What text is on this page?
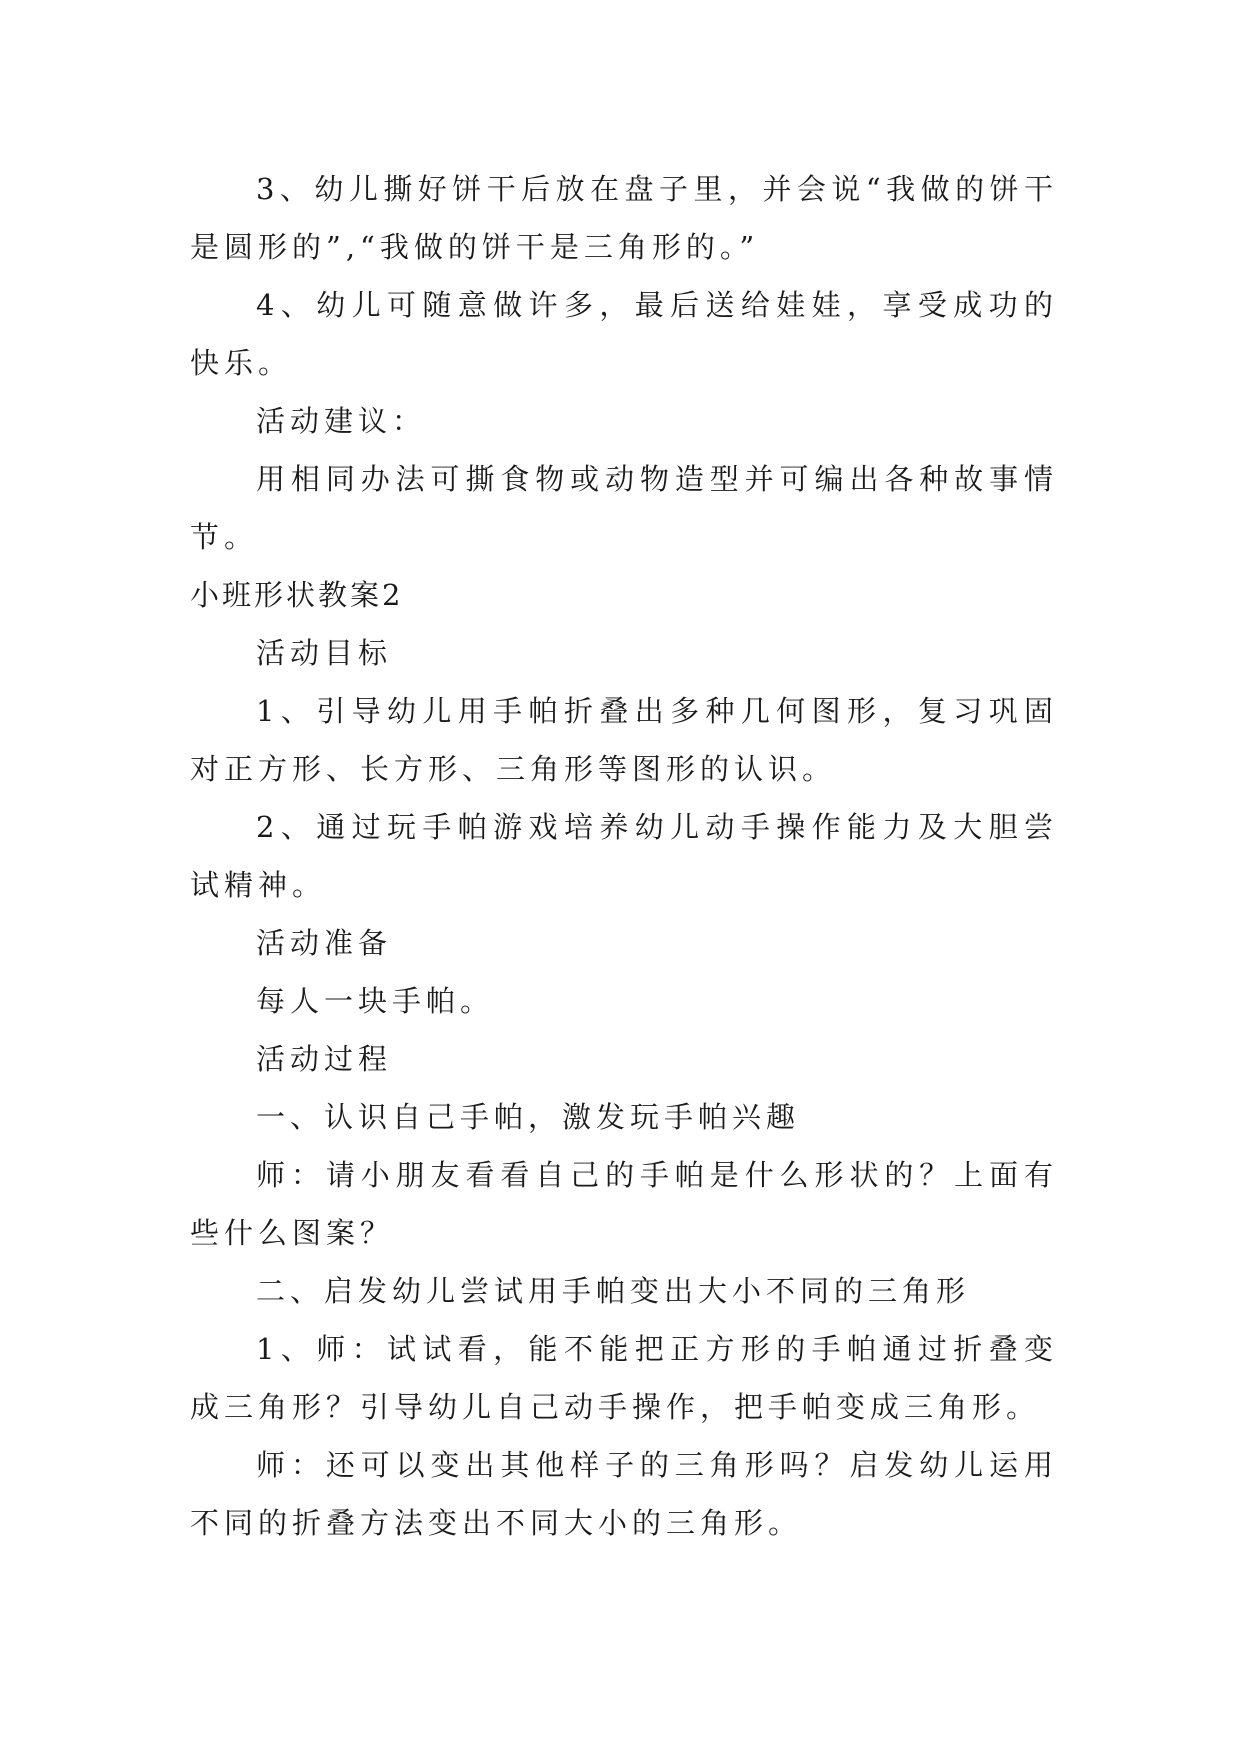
3、幼儿撕好饼干后放在盘子里，并会说“我做的饼干是圆形的”,“我做的饼干是三角形的。”

4、幼儿可随意做许多，最后送给娃娃，享受成功的快乐。

活动建议：

用相同办法可撕食物或动物造型并可编出各种故事情节。

小班形状教案2

活动目标

1、引导幼儿用手帕折叠出多种几何图形，复习巩固对正方形、长方形、三角形等图形的认识。

2、通过玩手帕游戏培养幼儿动手操作能力及大胆尝试精神。

活动准备

每人一块手帕。

活动过程

一、认识自己手帕，激发玩手帕兴趣

师：请小朋友看看自己的手帕是什么形状的？上面有些什么图案？

二、启发幼儿尝试用手帕变出大小不同的三角形

1、师：试试看，能不能把正方形的手帕通过折叠变成三角形？引导幼儿自己动手操作，把手帕变成三角形。

师：还可以变出其他样子的三角形吗？启发幼儿运用不同的折叠方法变出不同大小的三角形。
